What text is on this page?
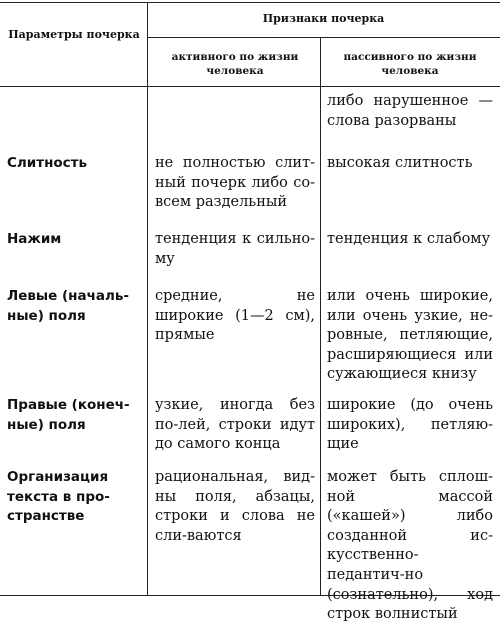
Параметры почерка
Признаки почерка
активного по жизни человека
пассивного по жизни человека
либо нарушенное — слова разорваны
Слитность	не полностью слит-ный почерк либо со-всем раздельный
высокая слитность
Нажим	тенденция к сильно-му
тенденция к слабому
Левые (началь-ные) поля
средние, не широкие (1—2 см), прямые
или очень широкие, или очень узкие, не-ровные, петляющие, расширяющиеся или сужающиеся книзу
Правые (конеч-ные) поля
узкие, иногда без по-лей, строки идут до самого конца
широкие (до очень широких), петляю-щие
Организация текста в про-странстве
рациональная, вид-ны поля, абзацы, строки и слова не сли-ваются
может быть сплош-ной массой («кашей») либо созданной ис-кусственно-педантич-но (сознательно), ход строк волнистый
